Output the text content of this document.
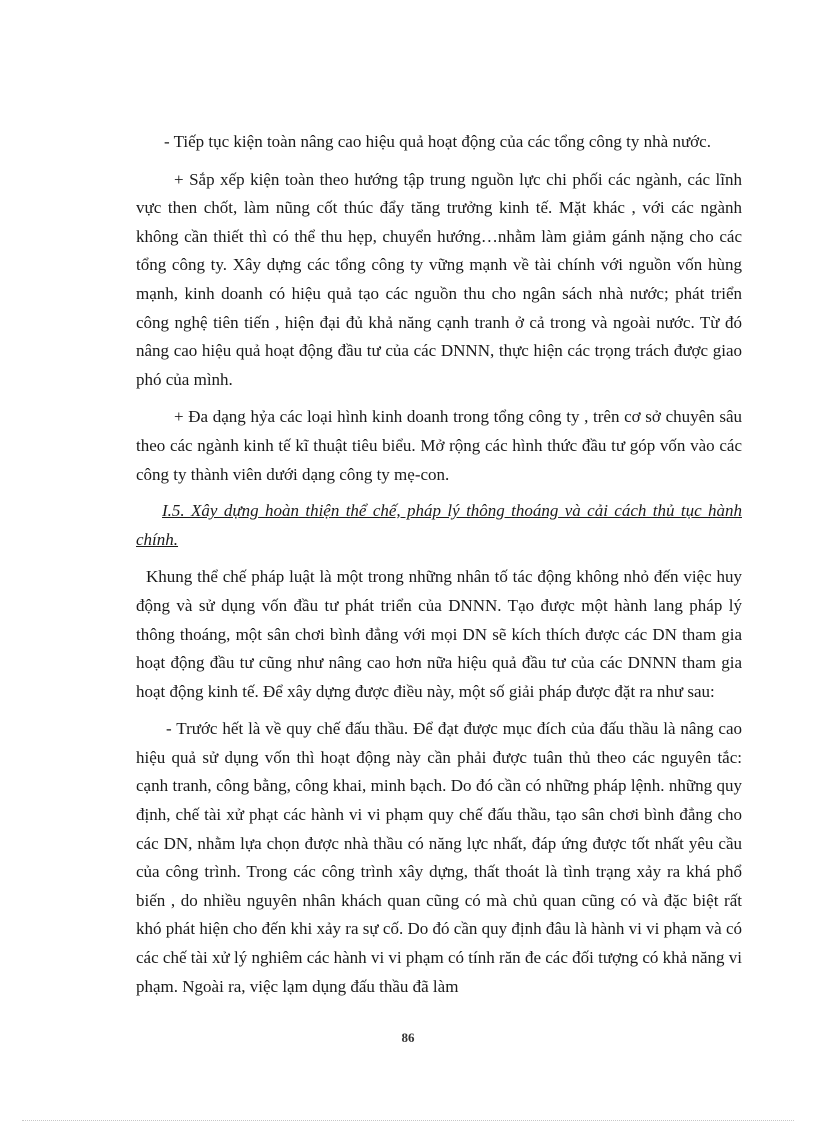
- Tiếp tục kiện toàn nâng cao hiệu quả hoạt động của các tổng công ty nhà nước.

+ Sắp xếp kiện toàn theo hướng tập trung nguồn lực chi phối các ngành, các lĩnh vực then chốt, làm nũng cốt thúc đẩy tăng trưởng kinh tế. Mặt khác , với các ngành không cần thiết thì có thể thu hẹp, chuyển hướng…nhằm làm giảm gánh nặng cho các tổng công ty. Xây dựng các tổng công ty vững mạnh về tài chính với nguồn vốn hùng mạnh, kinh doanh có hiệu quả tạo các nguồn thu cho ngân sách nhà nước; phát triển công nghệ tiên tiến , hiện đại đủ khả năng cạnh tranh ở cả trong và ngoài nước. Từ đó nâng cao hiệu quả hoạt động đầu tư của các DNNN, thực hiện các trọng trách được giao phó của mình.

+ Đa dạng hỷa các loại hình kinh doanh trong tổng công ty , trên cơ sở chuyên sâu theo các ngành kinh tế kĩ thuật tiêu biểu. Mở rộng các hình thức đầu tư góp vốn vào các công ty thành viên dưới dạng công ty mẹ-con.

I.5. Xây dựng hoàn thiện thể chế, pháp lý thông thoáng và cải cách thủ tục hành chính.

Khung thể chế pháp luật là một trong những nhân tố tác động không nhỏ đến việc huy động và sử dụng vốn đầu tư phát triển của DNNN. Tạo được một hành lang pháp lý thông thoáng, một sân chơi bình đẳng với mọi DN sẽ kích thích được các DN tham gia hoạt động đầu tư cũng như nâng cao hơn nữa hiệu quả đầu tư của các DNNN tham gia hoạt động kinh tế. Để xây dựng được điều này, một số giải pháp được đặt ra như sau:

- Trước hết là về quy chế đấu thầu. Để đạt được mục đích của đấu thầu là nâng cao hiệu quả sử dụng vốn thì hoạt động này cần phải được tuân thủ theo các nguyên tắc: cạnh tranh, công bằng, công khai, minh bạch. Do đó cần có những pháp lệnh. những quy định, chế tài xử phạt các hành vi vi phạm quy chế đấu thầu, tạo sân chơi bình đẳng cho các DN, nhằm lựa chọn được nhà thầu có năng lực nhất, đáp ứng được tốt nhất yêu cầu của công trình. Trong các công trình xây dựng, thất thoát là tình trạng xảy ra khá phổ biến , do nhiều nguyên nhân khách quan cũng có mà chủ quan cũng có và đặc biệt rất khó phát hiện cho đến khi xảy ra sự cố. Do đó cần quy định đâu là hành vi vi phạm và có các chế tài xử lý nghiêm các hành vi vi phạm có tính răn đe các đối tượng có khả năng vi phạm. Ngoài ra, việc lạm dụng đấu thầu đã làm

86
